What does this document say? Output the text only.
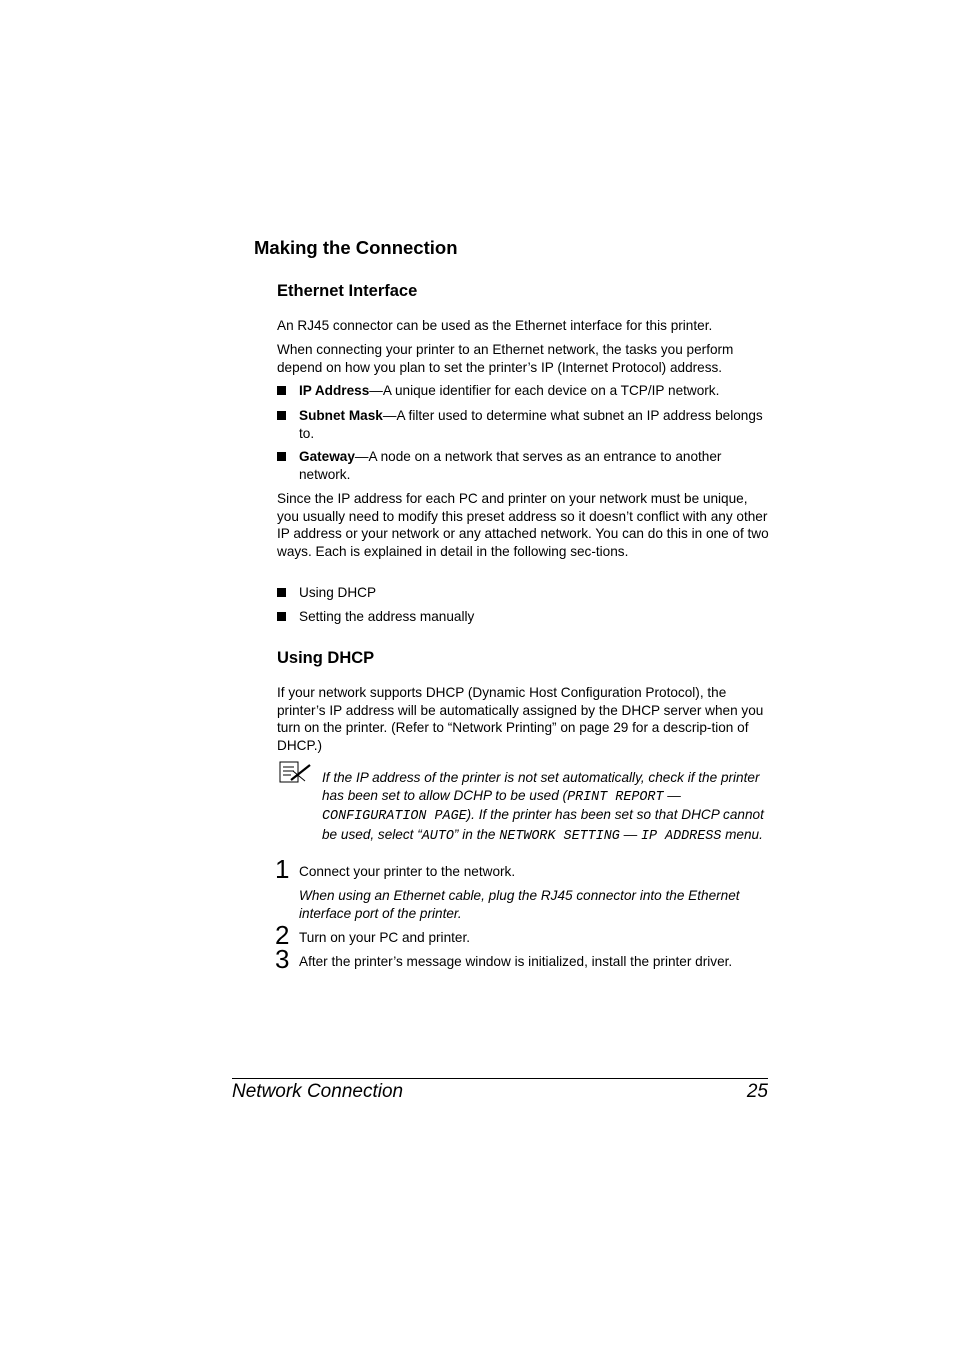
Making the Connection
Ethernet Interface
An RJ45 connector can be used as the Ethernet interface for this printer.
When connecting your printer to an Ethernet network, the tasks you perform depend on how you plan to set the printer’s IP (Internet Protocol) address.
IP Address—A unique identifier for each device on a TCP/IP network.
Subnet Mask—A filter used to determine what subnet an IP address belongs to.
Gateway—A node on a network that serves as an entrance to another network.
Since the IP address for each PC and printer on your network must be unique, you usually need to modify this preset address so it doesn’t conflict with any other IP address or your network or any attached network. You can do this in one of two ways. Each is explained in detail in the following sec-tions.
Using DHCP
Setting the address manually
Using DHCP
If your network supports DHCP (Dynamic Host Configuration Protocol), the printer’s IP address will be automatically assigned by the DHCP server when you turn on the printer. (Refer to “Network Printing” on page 29 for a descrip-tion of DHCP.)
If the IP address of the printer is not set automatically, check if the printer has been set to allow DCHP to be used (PRINT REPORT — CONFIGURATION PAGE). If the printer has been set so that DHCP cannot be used, select “AUTO” in the NETWORK SETTING — IP ADDRESS menu.
1 Connect your printer to the network.
When using an Ethernet cable, plug the RJ45 connector into the Ethernet interface port of the printer.
2 Turn on your PC and printer.
3 After the printer’s message window is initialized, install the printer driver.
Network Connection	25
